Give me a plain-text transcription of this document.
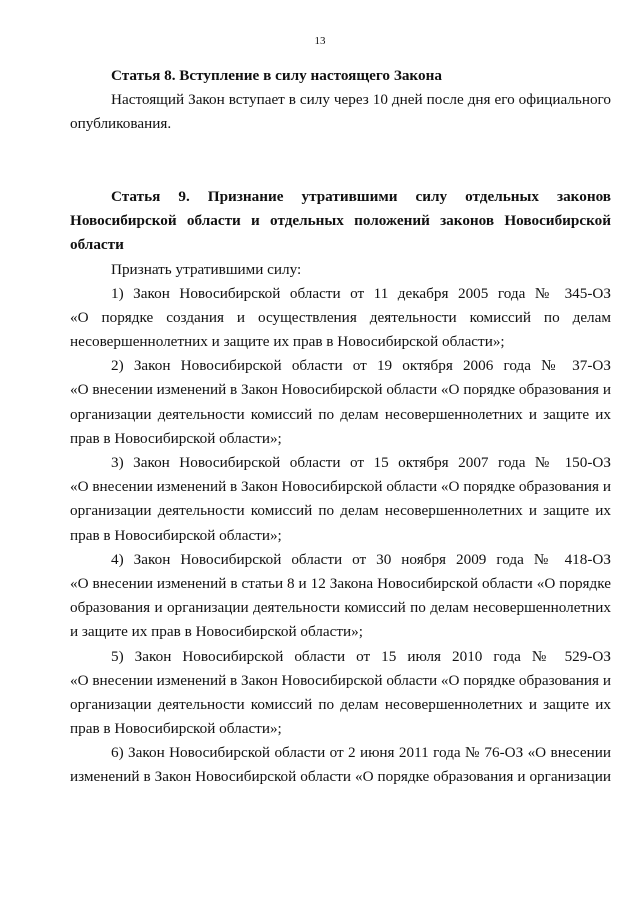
13
Статья 8. Вступление в силу настоящего Закона
Настоящий Закон вступает в силу через 10 дней после дня его официального
опубликования.
Статья 9. Признание утратившими силу отдельных законов
Новосибирской области и отдельных положений законов Новосибирской
области
Признать утратившими силу:
1) Закон Новосибирской области от 11 декабря 2005 года № 345-ОЗ
«О порядке создания и осуществления деятельности комиссий по делам
несовершеннолетних и защите их прав в Новосибирской области»;
2) Закон Новосибирской области от 19 октября 2006 года № 37-ОЗ
«О внесении изменений в Закон Новосибирской области «О порядке образования и
организации деятельности комиссий по делам несовершеннолетних и защите их
прав в Новосибирской области»;
3) Закон Новосибирской области от 15 октября 2007 года № 150-ОЗ
«О внесении изменений в Закон Новосибирской области «О порядке образования и
организации деятельности комиссий по делам несовершеннолетних и защите их
прав в Новосибирской области»;
4) Закон Новосибирской области от 30 ноября 2009 года № 418-ОЗ
«О внесении изменений в статьи 8 и 12 Закона Новосибирской области «О порядке
образования и организации деятельности комиссий по делам несовершеннолетних
и защите их прав в Новосибирской области»;
5) Закон Новосибирской области от 15 июля 2010 года № 529-ОЗ
«О внесении изменений в Закон Новосибирской области «О порядке образования и
организации деятельности комиссий по делам несовершеннолетних и защите их
прав в Новосибирской области»;
6) Закон Новосибирской области от 2 июня 2011 года № 76-ОЗ «О внесении
изменений в Закон Новосибирской области «О порядке образования и организации
